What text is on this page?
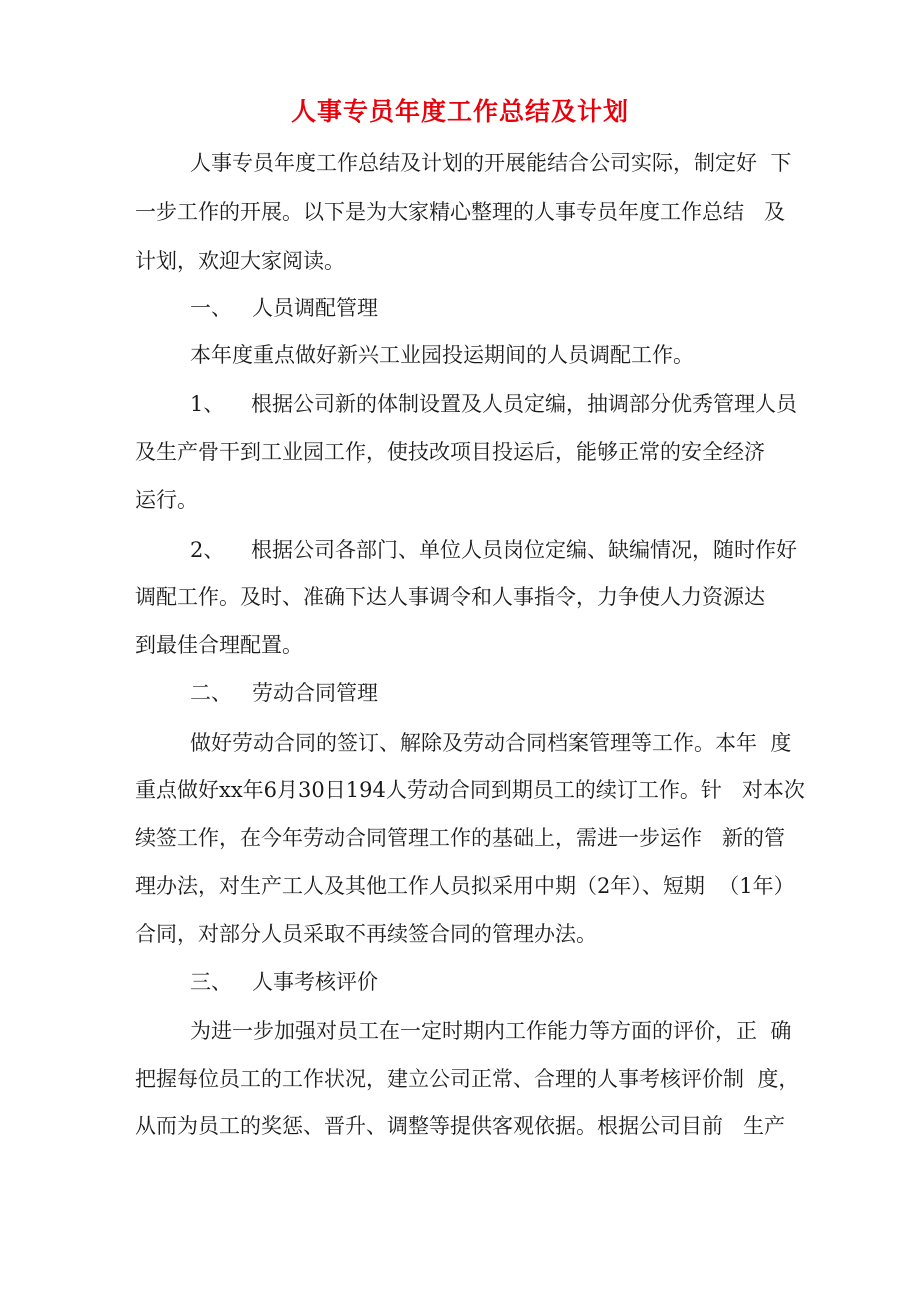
人事专员年度工作总结及计划
人事专员年度工作总结及计划的开展能结合公司实际，制定好  下
一步工作的开展。以下是为大家精心整理的人事专员年度工作总结   及
计划，欢迎大家阅读。
一、   人员调配管理
本年度重点做好新兴工业园投运期间的人员调配工作。
1、    根据公司新的体制设置及人员定编，抽调部分优秀管理人员
及生产骨干到工业园工作，使技改项目投运后，能够正常的安全经济
运行。
2、    根据公司各部门、单位人员岗位定编、缺编情况，随时作好
调配工作。及时、准确下达人事调令和人事指令，力争使人力资源达
到最佳合理配置。
二、   劳动合同管理
做好劳动合同的签订、解除及劳动合同档案管理等工作。本年  度
重点做好xx年6月30日194人劳动合同到期员工的续订工作。针   对本次
续签工作，在今年劳动合同管理工作的基础上，需进一步运作   新的管
理办法，对生产工人及其他工作人员拟采用中期（2年）、短期  （1年）
合同，对部分人员采取不再续签合同的管理办法。
三、   人事考核评价
为进一步加强对员工在一定时期内工作能力等方面的评价，正  确
把握每位员工的工作状况，建立公司正常、合理的人事考核评价制  度，
从而为员工的奖惩、晋升、调整等提供客观依据。根据公司目前   生产
